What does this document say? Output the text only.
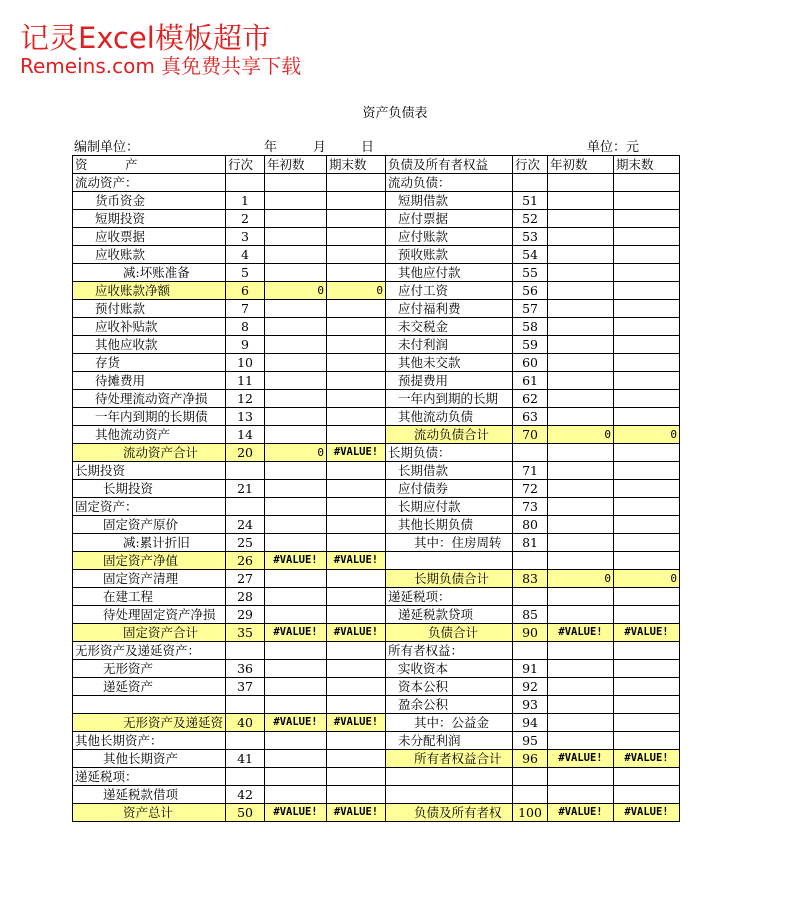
记灵Excel模板超市
Remeins.com 真免费共享下载
资产负债表
编制单位：	年	月	日	单位：元
资　　　产	行次	年初数	期末数	负债及所有者权益	行次	年初数	期末数
流动资产：				流动负债：			
货币资金	1			短期借款	51		
短期投资	2			应付票据	52		
应收票据	3			应付账款	53		
应收账款	4			预收账款	54		
减:坏账准备	5			其他应付款	55		
应收账款净额	6	0	0	应付工资	56		
预付账款	7			应付福利费	57		
应收补贴款	8			未交税金	58		
其他应收款	9			未付利润	59		
存货	10			其他未交款	60		
待摊费用	11			预提费用	61		
待处理流动资产净损	12			一年内到期的长期	62		
一年内到期的长期债	13			其他流动负债	63		
其他流动资产	14			流动负债合计	70	0	0
流动资产合计	20	0	#VALUE!	长期负债：			
长期投资				长期借款	71		
长期投资	21			应付债券	72		
固定资产：				长期应付款	73		
固定资产原价	24			其他长期负债	80		
减:累计折旧	25			其中：住房周转	81		
固定资产净值	26	#VALUE!	#VALUE!				
固定资产清理	27			长期负债合计	83	0	0
在建工程	28			递延税项：			
待处理固定资产净损	29			递延税款贷项	85		
固定资产合计	35	#VALUE!	#VALUE!	负债合计	90	#VALUE!	#VALUE!
无形资产及递延资产：				所有者权益：			
无形资产	36			实收资本	91		
递延资产	37			资本公积	92		
				盈余公积	93		
无形资产及递延资	40	#VALUE!	#VALUE!	其中：公益金	94		
其他长期资产：				未分配利润	95		
其他长期资产	41			所有者权益合计	96	#VALUE!	#VALUE!
递延税项：							
递延税款借项	42						
资产总计	50	#VALUE!	#VALUE!	负债及所有者权	100	#VALUE!	#VALUE!
